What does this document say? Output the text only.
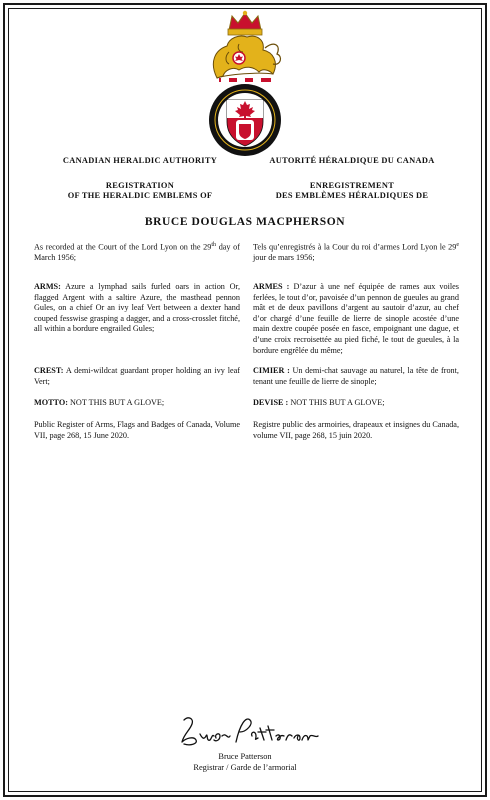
CANADIAN HERALDIC AUTHORITY	AUTORITÉ HÉRALDIQUE DU CANADA
REGISTRATION
OF THE HERALDIC EMBLEMS OF
ENREGISTREMENT
DES EMBLÈMES HÉRALDIQUES DE
BRUCE DOUGLAS MACPHERSON

As recorded at the Court of the Lord Lyon on the 29th day of March 1956;

ARMS: Azure a lymphad sails furled oars in action Or, flagged Argent with a saltire Azure, the masthead pennon Gules, on a chief Or an ivy leaf Vert between a dexter hand couped fesswise grasping a dagger, and a cross-crosslet fitché, all within a bordure engrailed Gules;

CREST: A demi-wildcat guardant proper holding an ivy leaf Vert;

MOTTO: NOT THIS BUT A GLOVE;

Public Register of Arms, Flags and Badges of Canada, Volume VII, page 268, 15 June 2020.

Tels qu’enregistrés à la Cour du roi d’armes Lord Lyon le 29e jour de mars 1956;

ARMES : D’azur à une nef équipée de rames aux voiles ferlées, le tout d’or, pavoisée d’un pennon de gueules au grand mât et de deux pavillons d’argent au sautoir d’azur, au chef d’or chargé d’une feuille de lierre de sinople acostée d’une main dextre coupée posée en fasce, empoignant une dague, et d’une croix recroisettée au pied fiché, le tout de gueules, à la bordure engrêlée du même;

CIMIER : Un demi-chat sauvage au naturel, la tête de front, tenant une feuille de lierre de sinople;

DEVISE : NOT THIS BUT A GLOVE;

Registre public des armoiries, drapeaux et insignes du Canada, volume VII, page 268, 15 juin 2020.

Bruce Patterson
Registrar / Garde de l’armorial
